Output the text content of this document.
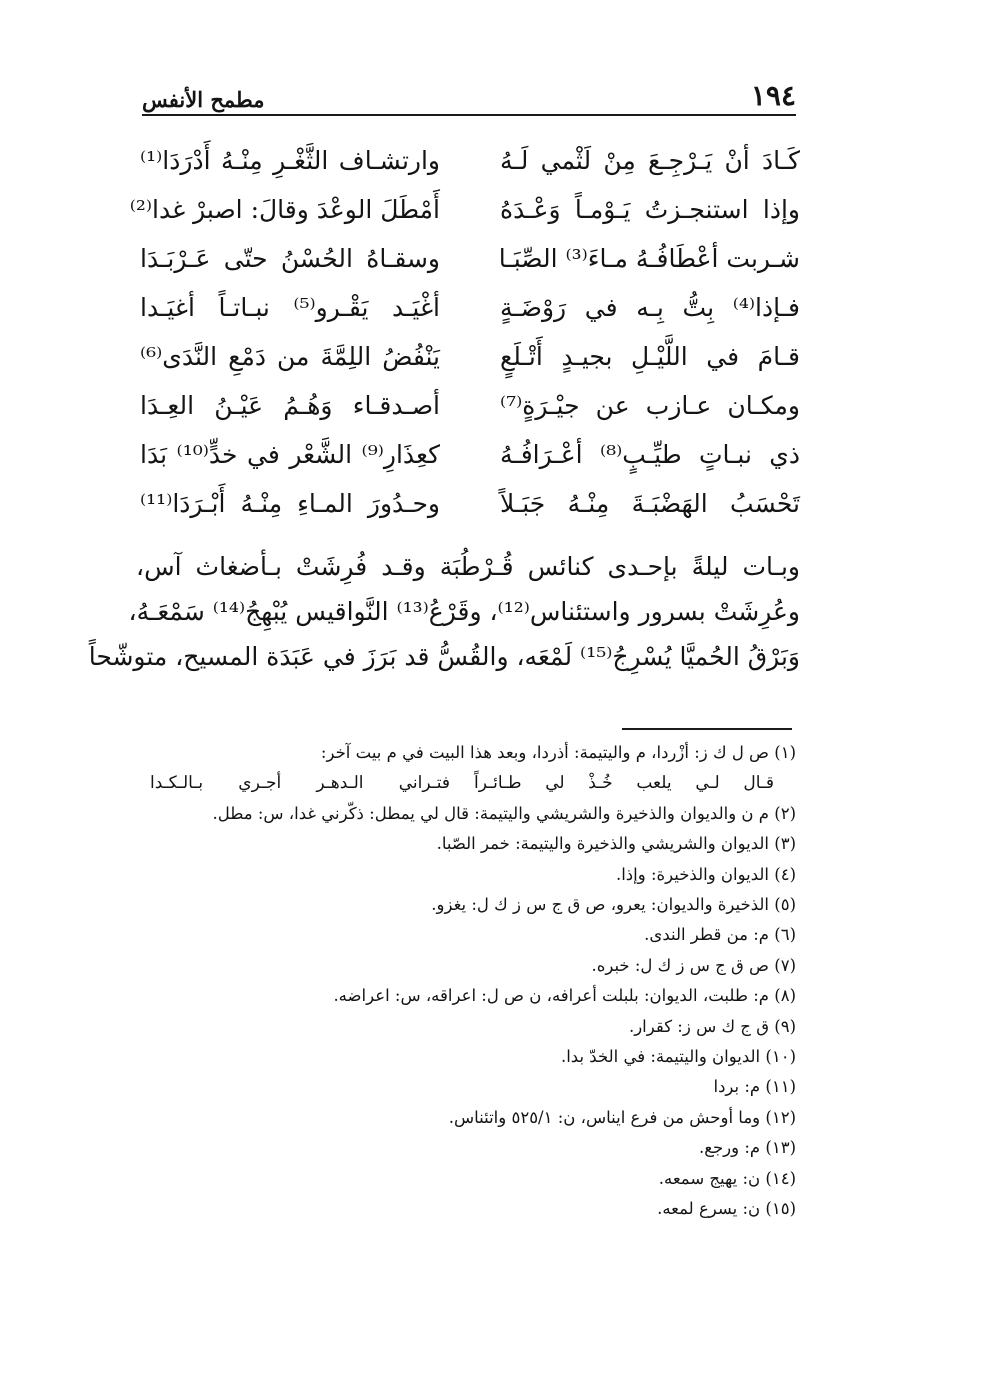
١٩٤
مطمح الأنفس
كَـادَ أنْ يَـرْجِـعَ مِنْ لَثْمي لَـهُ
وارتشـاف الثَّغْـرِ مِنْـهُ أَدْرَدَا⁽¹⁾
وإذا استنجـزتُ يَـوْمـاً وَعْـدَهُ
أَمْطَلَ الوعْدَ وقالَ: اصبرْ غدا⁽²⁾
شـربت أعْطَافُـهُ مـاءَ⁽³⁾ الصِّبَـا
وسقـاهُ الحُسْنُ حتّى عَـرْبَـدَا
فـإذا⁽⁴⁾ بِتُّ بِـه في رَوْضَـةٍ
أغْيَـد يَقْـرو⁽⁵⁾ نبـاتـاً أغيَـدا
قـامَ في اللَّيْـلِ بجيـدٍ أَتْـلَعٍ
يَنْفُضُ اللِمَّةَ من دَمْعِ النَّدَى⁽⁶⁾
ومكـان عـازب عن جيْـرَةٍ⁽⁷⁾
أصـدقـاء وَهُـمُ عَيْـنُ العِـدَا
ذي نبـاتٍ طيِّـبٍ⁽⁸⁾ أعْـرَافُـهُ
كعِذَارِ⁽⁹⁾ الشَّعْر في خدٍّ⁽¹⁰⁾ بَدَا
تَحْسَبُ الهَضْبَـةَ مِنْـهُ جَبَـلاً
وحـدُورَ المـاءِ مِنْـهُ أَبْـرَدَا⁽¹¹⁾
وبـات ليلةً بإحـدى كنائس قُـرْطُبَة وقـد فُرِشَتْ بـأضغاث آس،
وعُرِشَتْ بسرور واستئناس⁽¹²⁾، وقَرْعُ⁽¹³⁾ النَّواقيس يُبْهِجُ⁽¹⁴⁾ سَمْعَـهُ،
وَبَرْقُ الحُميَّا يُسْرِجُ⁽¹⁵⁾ لَمْعَه، والقُسُّ قد بَرَزَ في عَبَدَة المسيح، متوشّحاً
(١) ص ل ك ز: أزْردا، م واليتيمة: أذردا، وبعد هذا البيت في م بيت آخر:
قـال لـي يلعب خُـذْ لي طـائـراً
فتـراني الـدهـر أجـري بـالـكـدا
(٢) م ن والديوان والذخيرة والشريشي واليتيمة: قال لي يمطل: ذكّرني غدا، س: مطل.
(٣) الديوان والشريشي والذخيرة واليتيمة: خمر الصّبا.
(٤) الديوان والذخيرة: وإذا.
(٥) الذخيرة والديوان: يعرو، ص ق ج س ز ك ل: يغزو.
(٦) م: من قطر الندى.
(٧) ص ق ج س ز ك ل: خبره.
(٨) م: طلبت، الديوان: بلبلت أعرافه، ن ص ل: اعراقه، س: اعراضه.
(٩) ق ج ك س ز: كقرار.
(١٠) الديوان واليتيمة: في الخدّ بدا.
(١١) م: بردا
(١٢) وما أوحش من فرع ايناس، ن: ٥٢٥/١ واتئناس.
(١٣) م: ورجع.
(١٤) ن: يهيج سمعه.
(١٥) ن: يسرع لمعه.
